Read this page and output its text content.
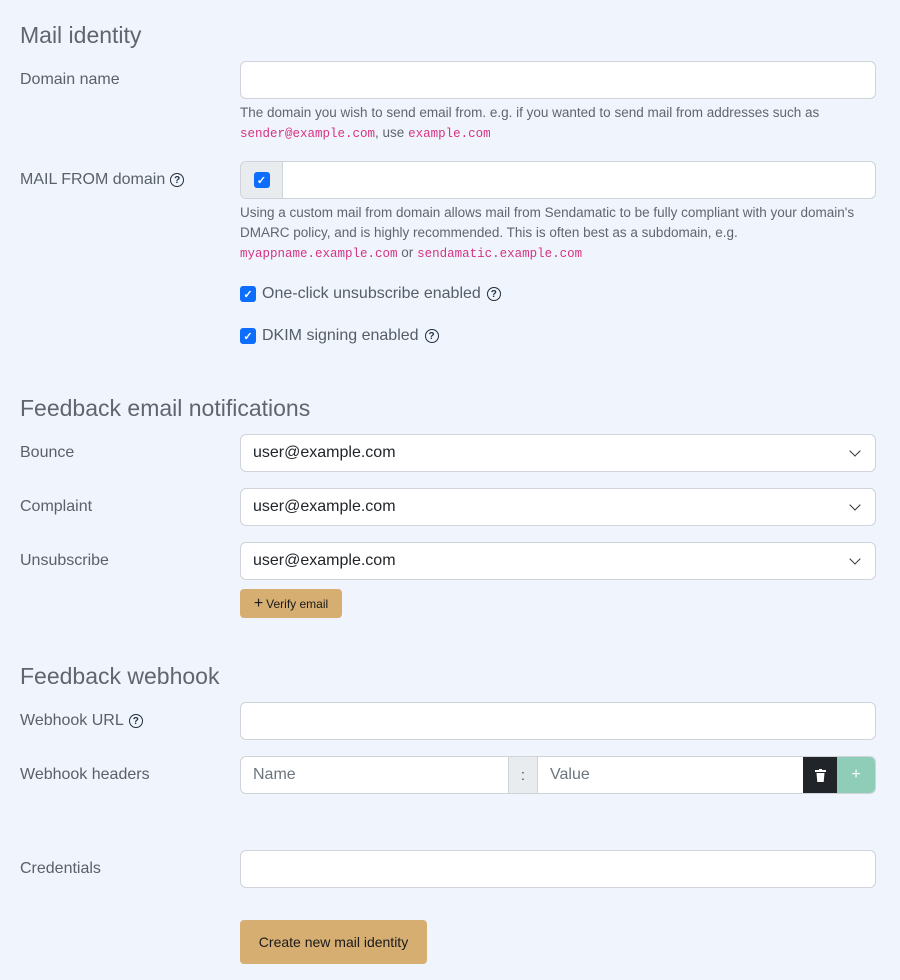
Mail identity
Domain name
The domain you wish to send email from. e.g. if you wanted to send mail from addresses such as
sender@example.com, use example.com
MAIL FROM domain ?	✓
Using a custom mail from domain allows mail from Sendamatic to be fully compliant with your domain's DMARC policy, and is highly recommended. This is often best as a subdomain, e.g.
myappname.example.com or sendamatic.example.com
✓ One-click unsubscribe enabled ?
✓ DKIM signing enabled ?
Feedback email notifications
Bounce	user@example.com
Complaint	user@example.com
Unsubscribe	user@example.com
+ Verify email
Feedback webhook
Webhook URL ?
Webhook headers	Name	:	Value	+
Credentials
Create new mail identity
